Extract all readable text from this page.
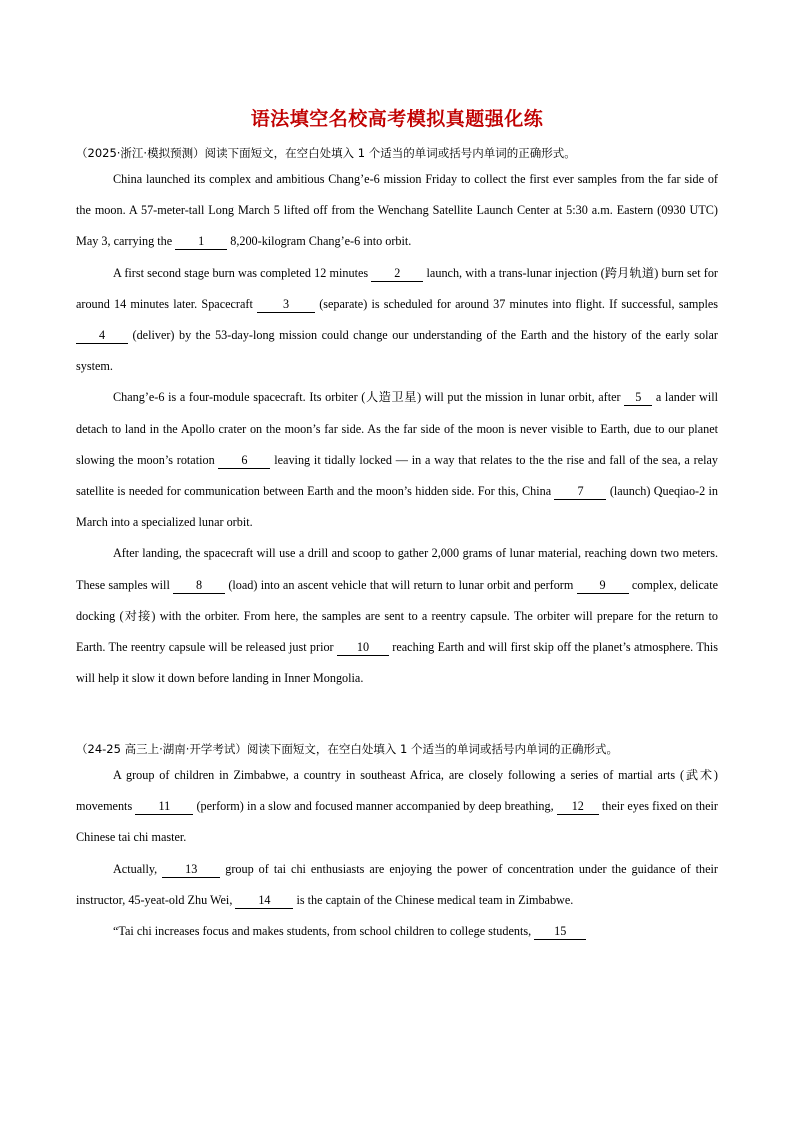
语法填空名校高考模拟真题强化练
（2025·浙江·模拟预测）阅读下面短文，在空白处填入 1 个适当的单词或括号内单词的正确形式。

China launched its complex and ambitious Chang’e-6 mission Friday to collect the first ever samples from the far side of the moon. A 57-meter-tall Long March 5 lifted off from the Wenchang Satellite Launch Center at 5:30 a.m. Eastern (0930 UTC) May 3, carrying the 1 8,200-kilogram Chang’e-6 into orbit.

A first second stage burn was completed 12 minutes 2 launch, with a trans-lunar injection (跨月轨道) burn set for around 14 minutes later. Spacecraft 3 (separate) is scheduled for around 37 minutes into flight. If successful, samples 4 (deliver) by the 53-day-long mission could change our understanding of the Earth and the history of the early solar system.

Chang’e-6 is a four-module spacecraft. Its orbiter (人造卫星) will put the mission in lunar orbit, after 5 a lander will detach to land in the Apollo crater on the moon’s far side. As the far side of the moon is never visible to Earth, due to our planet slowing the moon’s rotation 6 leaving it tidally locked — in a way that relates to the the rise and fall of the sea, a relay satellite is needed for communication between Earth and the moon’s hidden side. For this, China 7 (launch) Queqiao-2 in March into a specialized lunar orbit.

After landing, the spacecraft will use a drill and scoop to gather 2,000 grams of lunar material, reaching down two meters. These samples will 8 (load) into an ascent vehicle that will return to lunar orbit and perform 9 complex, delicate docking (对接) with the orbiter. From here, the samples are sent to a reentry capsule. The orbiter will prepare for the return to Earth. The reentry capsule will be released just prior 10 reaching Earth and will first skip off the planet’s atmosphere. This will help it slow it down before landing in Inner Mongolia.

（24-25 高三上·湖南·开学考试）阅读下面短文，在空白处填入 1 个适当的单词或括号内单词的正确形式。

A group of children in Zimbabwe, a country in southeast Africa, are closely following a series of martial arts (武术) movements 11 (perform) in a slow and focused manner accompanied by deep breathing, 12 their eyes fixed on their Chinese tai chi master.

Actually, 13 group of tai chi enthusiasts are enjoying the power of concentration under the guidance of their instructor, 45-yeat-old Zhu Wei, 14 is the captain of the Chinese medical team in Zimbabwe.

“Tai chi increases focus and makes students, from school children to college students, 15
